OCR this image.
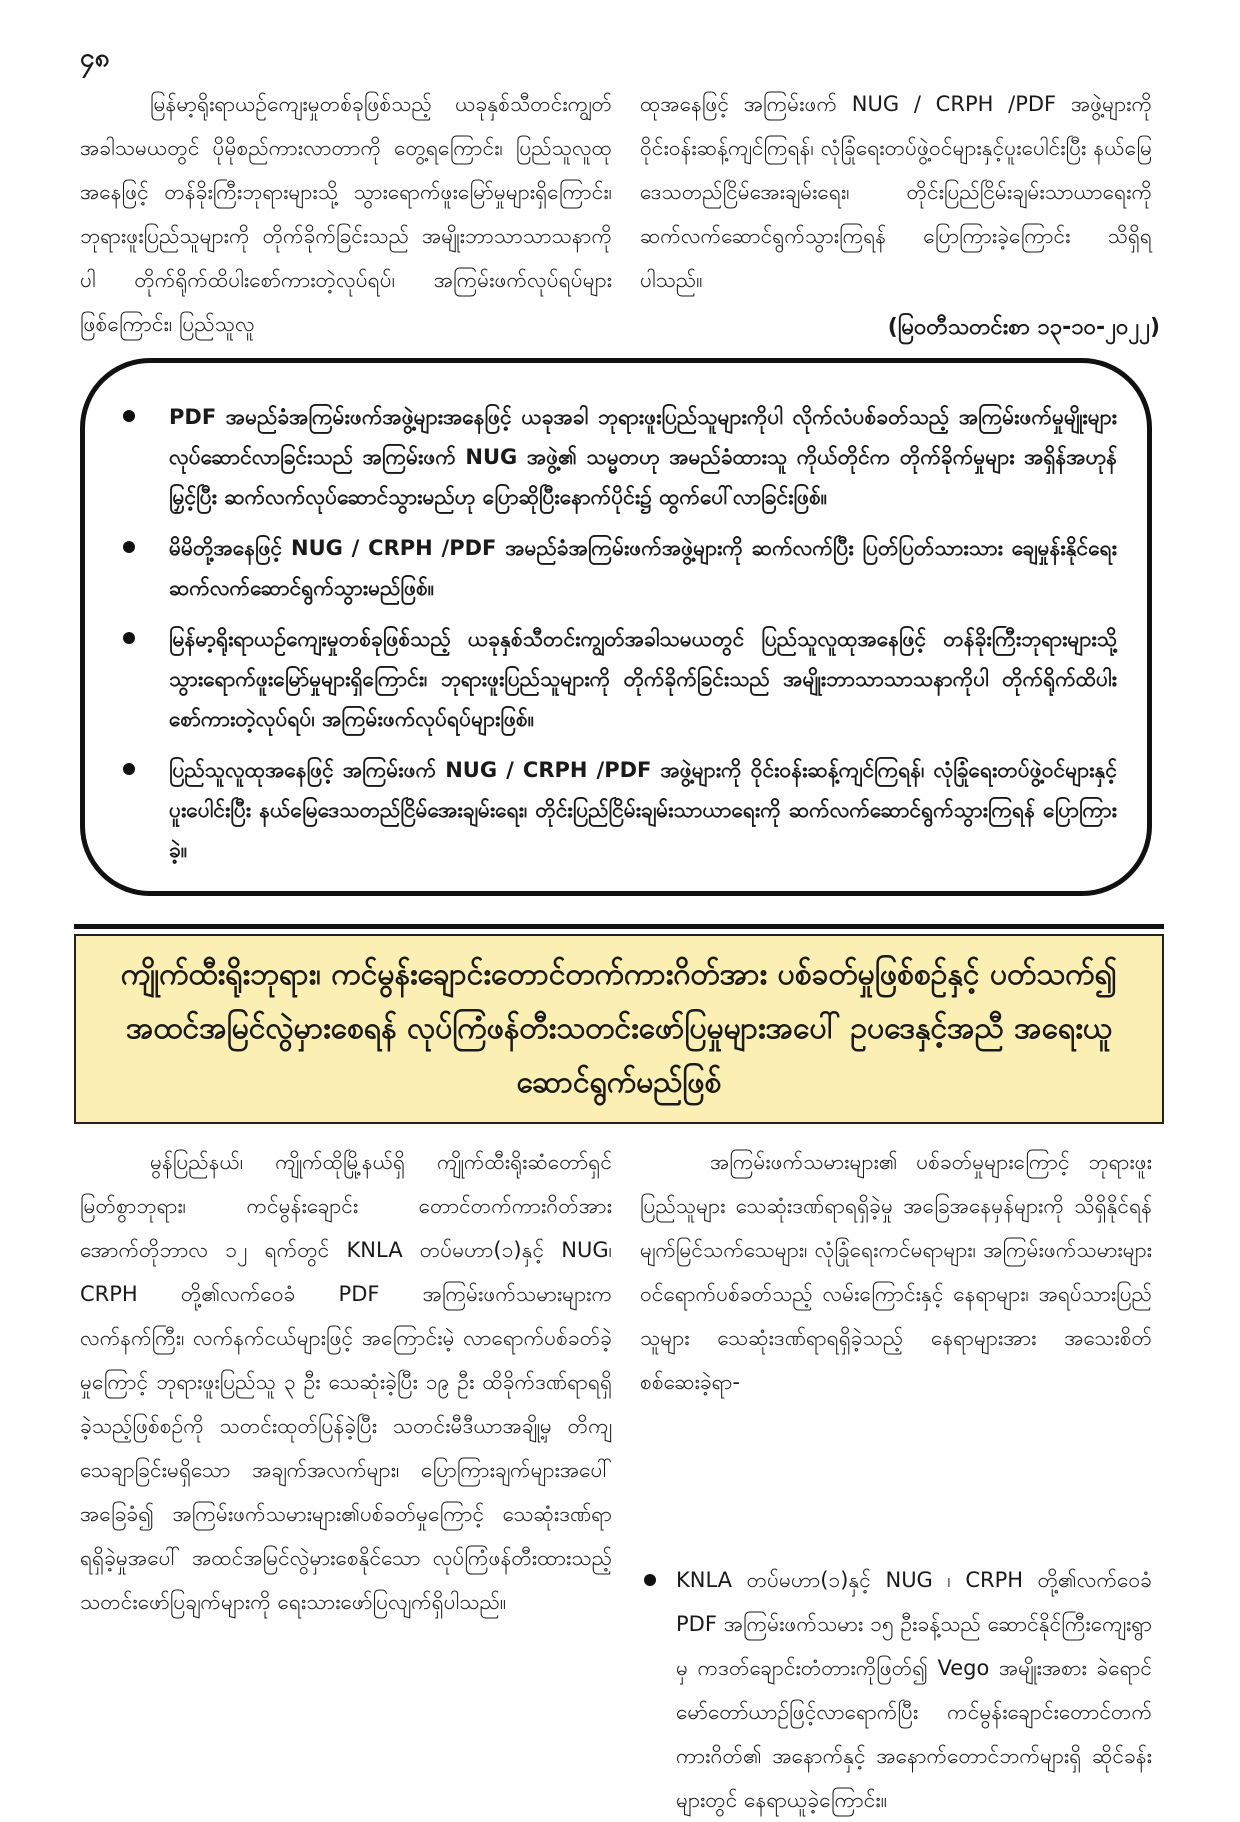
၄၈

မြန်မာ့ရိုးရာယဉ်ကျေးမှုတစ်ခုဖြစ်သည့် ယခုနှစ်သီတင်းကျွတ်အခါသမယတွင် ပိုမိုစည်ကားလာတာကို တွေ့ရကြောင်း၊ ပြည်သူလူထုအနေဖြင့် တန်ခိုးကြီးဘုရားများသို့ သွားရောက်ဖူးမြော်မှုများရှိကြောင်း၊ ဘုရားဖူးပြည်သူများကို တိုက်ခိုက်ခြင်းသည် အမျိုးဘာသာသာသနာကိုပါ တိုက်ရိုက်ထိပါးစော်ကားတဲ့လုပ်ရပ်၊ အကြမ်းဖက်လုပ်ရပ်များဖြစ်ကြောင်း၊ ပြည်သူလူ

ထုအနေဖြင့် အကြမ်းဖက် NUG / CRPH /PDF အဖွဲ့များကို ဝိုင်းဝန်းဆန့်ကျင်ကြရန်၊ လုံခြုံရေးတပ်ဖွဲ့ဝင်များနှင့်ပူးပေါင်းပြီး နယ်မြေဒေသတည်ငြိမ်အေးချမ်းရေး၊ တိုင်းပြည်ငြိမ်းချမ်းသာယာရေးကို ဆက်လက်ဆောင်ရွက်သွားကြရန် ပြောကြားခဲ့ကြောင်း သိရှိရပါသည်။

(မြဝတီသတင်းစာ ၁၃-၁၀-၂၀၂၂)
PDF အမည်ခံအကြမ်းဖက်အဖွဲ့များအနေဖြင့် ယခုအခါ ဘုရားဖူးပြည်သူများကိုပါ လိုက်လံပစ်ခတ်သည့် အကြမ်းဖက်မှုမျိုးများလုပ်ဆောင်လာခြင်းသည် အကြမ်းဖက် NUG အဖွဲ့၏ သမ္မတဟု အမည်ခံထားသူ ကိုယ်တိုင်က တိုက်ခိုက်မှုများ အရှိန်အဟုန်မြှင့်ပြီး ဆက်လက်လုပ်ဆောင်သွားမည်ဟု ပြောဆိုပြီးနောက်ပိုင်း၌ ထွက်ပေါ်လာခြင်းဖြစ်။
မိမိတို့အနေဖြင့် NUG / CRPH /PDF အမည်ခံအကြမ်းဖက်အဖွဲ့များကို ဆက်လက်ပြီး ပြတ်ပြတ်သားသား ချေမှုန်းနိုင်ရေး ဆက်လက်ဆောင်ရွက်သွားမည်ဖြစ်။
မြန်မာ့ရိုးရာယဉ်ကျေးမှုတစ်ခုဖြစ်သည့် ယခုနှစ်သီတင်းကျွတ်အခါသမယတွင် ပြည်သူလူထုအနေဖြင့် တန်ခိုးကြီးဘုရားများသို့ သွားရောက်ဖူးမြော်မှုများရှိကြောင်း၊ ဘုရားဖူးပြည်သူများကို တိုက်ခိုက်ခြင်းသည် အမျိုးဘာသာသာသနာကိုပါ တိုက်ရိုက်ထိပါးစော်ကားတဲ့လုပ်ရပ်၊ အကြမ်းဖက်လုပ်ရပ်များဖြစ်။
ပြည်သူလူထုအနေဖြင့် အကြမ်းဖက် NUG / CRPH /PDF အဖွဲ့များကို ဝိုင်းဝန်းဆန့်ကျင်ကြရန်၊ လုံခြုံရေးတပ်ဖွဲ့ဝင်များနှင့်ပူးပေါင်းပြီး နယ်မြေဒေသတည်ငြိမ်အေးချမ်းရေး၊ တိုင်းပြည်ငြိမ်းချမ်းသာယာရေးကို ဆက်လက်ဆောင်ရွက်သွားကြရန် ပြောကြားခဲ့။
ကျိုက်ထီးရိုးဘုရား၊ ကင်မွန်းချောင်းတောင်တက်ကားဂိတ်အား ပစ်ခတ်မှုဖြစ်စဉ်နှင့် ပတ်သက်၍ အထင်အမြင်လွဲမှားစေရန် လုပ်ကြံဖန်တီးသတင်းဖော်ပြမှုများအပေါ် ဥပဒေနှင့်အညီ အရေးယူဆောင်ရွက်မည်ဖြစ်

မွန်ပြည်နယ်၊ ကျိုက်ထိုမြို့နယ်ရှိ ကျိုက်ထီးရိုးဆံတော်ရှင်မြတ်စွာဘုရား၊ ကင်မွန်းချောင်း တောင်တက်ကားဂိတ်အား အောက်တိုဘာလ ၁၂ ရက်တွင် KNLA တပ်မဟာ(၁)နှင့် NUG၊ CRPH တို့၏လက်ဝေခံ PDF အကြမ်းဖက်သမားများက လက်နက်ကြီး၊ လက်နက်ငယ်များဖြင့် အကြောင်းမဲ့ လာရောက်ပစ်ခတ်ခဲ့မှုကြောင့် ဘုရားဖူးပြည်သူ ၃ ဦး သေဆုံးခဲ့ပြီး ၁၉ ဦး ထိခိုက်ဒဏ်ရာရရှိခဲ့သည့်ဖြစ်စဉ်ကို သတင်းထုတ်ပြန်ခဲ့ပြီး သတင်းမီဒီယာအချို့မှ တိကျသေချာခြင်းမရှိသော အချက်အလက်များ၊ ပြောကြားချက်များအပေါ် အခြေခံ၍ အကြမ်းဖက်သမားများ၏ပစ်ခတ်မှုကြောင့် သေဆုံးဒဏ်ရာရရှိခဲ့မှုအပေါ် အထင်အမြင်လွဲမှားစေနိုင်သော လုပ်ကြံဖန်တီးထားသည့် သတင်းဖော်ပြချက်များကို ရေးသားဖော်ပြလျက်ရှိပါသည်။

အကြမ်းဖက်သမားများ၏ ပစ်ခတ်မှုများကြောင့် ဘုရားဖူးပြည်သူများ သေဆုံးဒဏ်ရာရရှိခဲ့မှု အခြေအနေမှန်များကို သိရှိနိုင်ရန် မျက်မြင်သက်သေများ၊ လုံခြုံရေးကင်မရာများ၊ အကြမ်းဖက်သမားများ ဝင်ရောက်ပစ်ခတ်သည့် လမ်းကြောင်းနှင့် နေရာများ၊ အရပ်သားပြည်သူများ သေဆုံးဒဏ်ရာရရှိခဲ့သည့် နေရာများအား အသေးစိတ် စစ်ဆေးခဲ့ရာ-

KNLA တပ်မဟာ(၁)နှင့် NUG ၊ CRPH တို့၏လက်ဝေခံ PDF အကြမ်းဖက်သမား ၁၅ ဦးခန့်သည် ဆောင်နိုင်ကြီးကျေးရွာမှ ကဒတ်ချောင်းတံတားကိုဖြတ်၍ Vego အမျိုးအစား ခဲရောင်မော်တော်ယာဉ်ဖြင့်လာရောက်ပြီး ကင်မွန်းချောင်းတောင်တက်ကားဂိတ်၏ အနောက်နှင့် အနောက်တောင်ဘက်များရှိ ဆိုင်ခန်းများတွင် နေရာယူခဲ့ကြောင်း။
